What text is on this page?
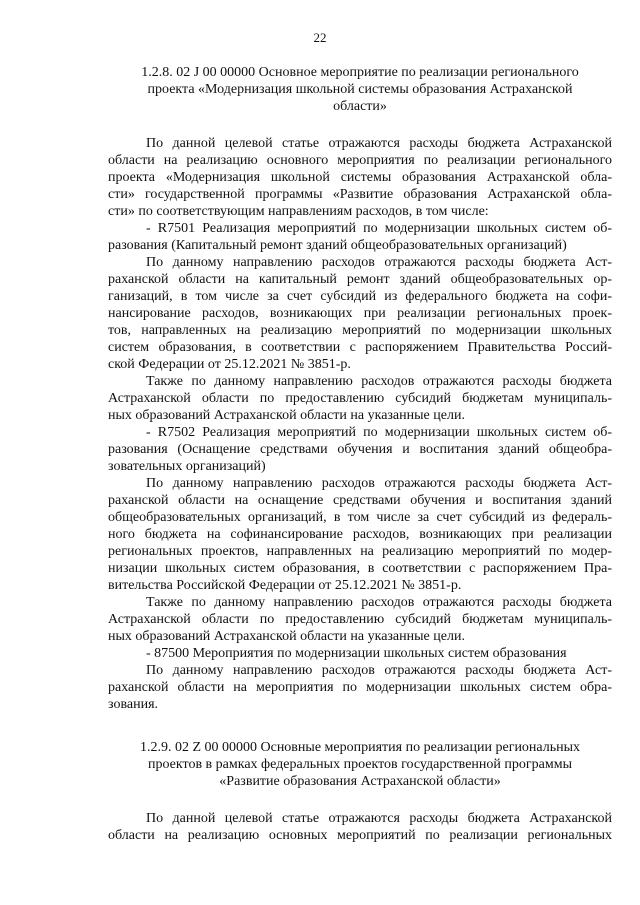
22
1.2.8. 02 J 00 00000 Основное мероприятие по реализации регионального
проекта «Модернизация школьной системы образования Астраханской
области»
По данной целевой статье отражаются расходы бюджета Астраханской
области на реализацию основного мероприятия по реализации регионального
проекта «Модернизация школьной системы образования Астраханской обла-
сти» государственной программы «Развитие образования Астраханской обла-
сти» по соответствующим направлениям расходов, в том числе:
- R7501 Реализация мероприятий по модернизации школьных систем об-
разования (Капитальный ремонт зданий общеобразовательных организаций)
По данному направлению расходов отражаются расходы бюджета Аст-
раханской области на капитальный ремонт зданий общеобразовательных ор-
ганизаций, в том числе за счет субсидий из федерального бюджета на софи-
нансирование расходов, возникающих при реализации региональных проек-
тов, направленных на реализацию мероприятий по модернизации школьных
систем образования, в соответствии с распоряжением Правительства Россий-
ской Федерации от 25.12.2021 № 3851-р.
Также по данному направлению расходов отражаются расходы бюджета
Астраханской области по предоставлению субсидий бюджетам муниципаль-
ных образований Астраханской области на указанные цели.
- R7502 Реализация мероприятий по модернизации школьных систем об-
разования (Оснащение средствами обучения и воспитания зданий общеобра-
зовательных организаций)
По данному направлению расходов отражаются расходы бюджета Аст-
раханской области на оснащение средствами обучения и воспитания зданий
общеобразовательных организаций, в том числе за счет субсидий из федераль-
ного бюджета на софинансирование расходов, возникающих при реализации
региональных проектов, направленных на реализацию мероприятий по модер-
низации школьных систем образования, в соответствии с распоряжением Пра-
вительства Российской Федерации от 25.12.2021 № 3851-р.
Также по данному направлению расходов отражаются расходы бюджета
Астраханской области по предоставлению субсидий бюджетам муниципаль-
ных образований Астраханской области на указанные цели.
- 87500 Мероприятия по модернизации школьных систем образования
По данному направлению расходов отражаются расходы бюджета Аст-
раханской области на мероприятия по модернизации школьных систем обра-
зования.
1.2.9. 02 Z 00 00000 Основные мероприятия по реализации региональных
проектов в рамках федеральных проектов государственной программы
«Развитие образования Астраханской области»
По данной целевой статье отражаются расходы бюджета Астраханской
области на реализацию основных мероприятий по реализации региональных
